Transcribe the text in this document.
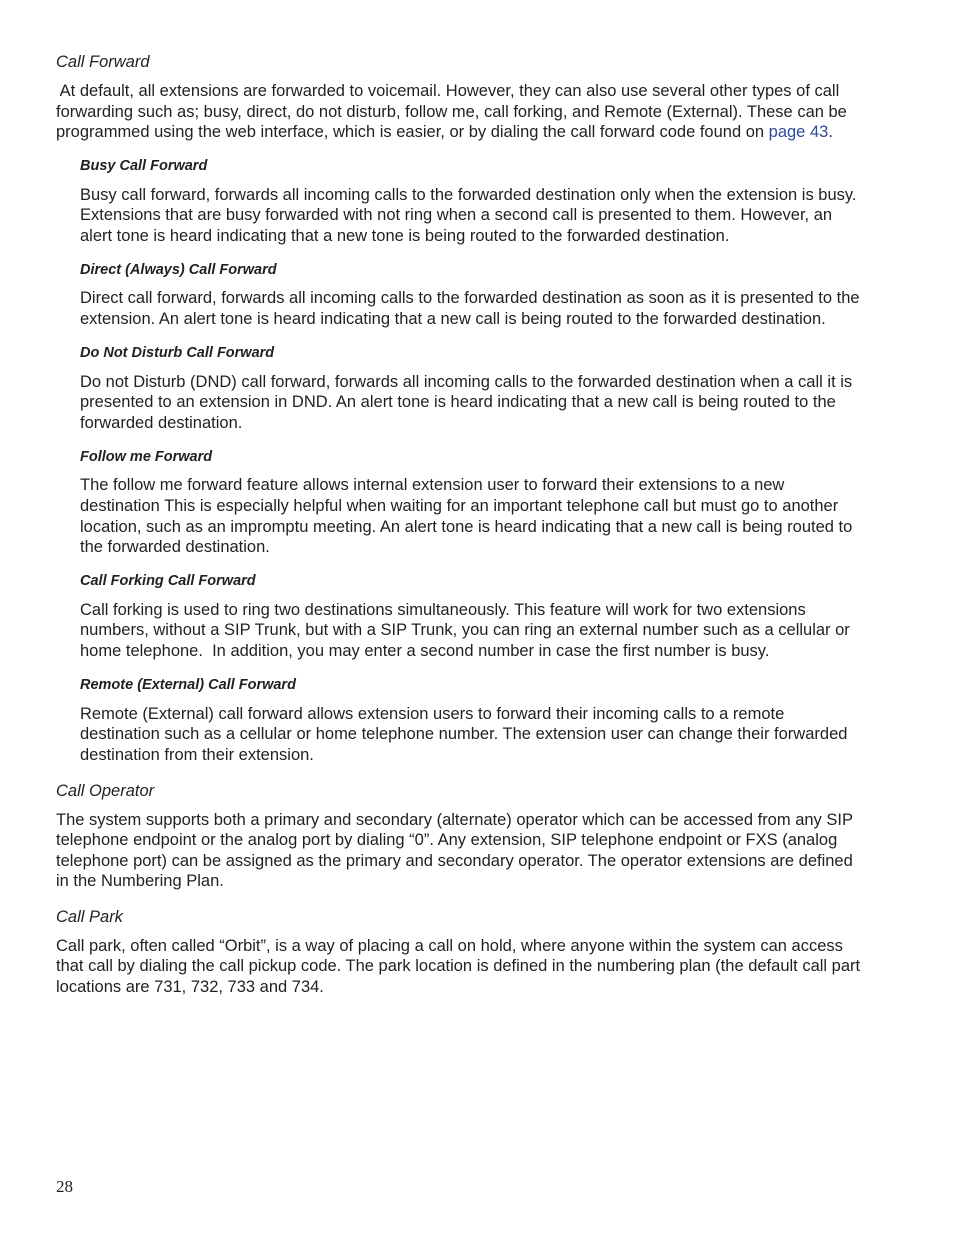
Call Forward

At default, all extensions are forwarded to voicemail. However, they can also use several other types of call

forwarding such as; busy, direct, do not disturb, follow me, call forking, and Remote (External). These can be

programmed using the web interface, which is easier, or by dialing the call forward code found on page 43.

Busy Call Forward

Busy call forward, forwards all incoming calls to the forwarded destination only when the extension is busy.

Extensions that are busy forwarded with not ring when a second call is presented to them. However, an

alert tone is heard indicating that a new tone is being routed to the forwarded destination.

Direct (Always) Call Forward

Direct call forward, forwards all incoming calls to the forwarded destination as soon as it is presented to the

extension. An alert tone is heard indicating that a new call is being routed to the forwarded destination.

Do Not Disturb Call Forward

Do not Disturb (DND) call forward, forwards all incoming calls to the forwarded destination when a call it is

presented to an extension in DND. An alert tone is heard indicating that a new call is being routed to the

forwarded destination.

Follow me Forward

The follow me forward feature allows internal extension user to forward their extensions to a new

destination This is especially helpful when waiting for an important telephone call but must go to another

location, such as an impromptu meeting. An alert tone is heard indicating that a new call is being routed to

the forwarded destination.

Call Forking Call Forward

Call forking is used to ring two destinations simultaneously. This feature will work for two extensions

numbers, without a SIP Trunk, but with a SIP Trunk, you can ring an external number such as a cellular or

home telephone.  In addition, you may enter a second number in case the first number is busy.

Remote (External) Call Forward

Remote (External) call forward allows extension users to forward their incoming calls to a remote

destination such as a cellular or home telephone number. The extension user can change their forwarded

destination from their extension.

Call Operator

The system supports both a primary and secondary (alternate) operator which can be accessed from any SIP

telephone endpoint or the analog port by dialing “0”. Any extension, SIP telephone endpoint or FXS (analog

telephone port) can be assigned as the primary and secondary operator. The operator extensions are defined

in the Numbering Plan.

Call Park

Call park, often called “Orbit”, is a way of placing a call on hold, where anyone within the system can access

that call by dialing the call pickup code. The park location is defined in the numbering plan (the default call part

locations are 731, 732, 733 and 734.

28
